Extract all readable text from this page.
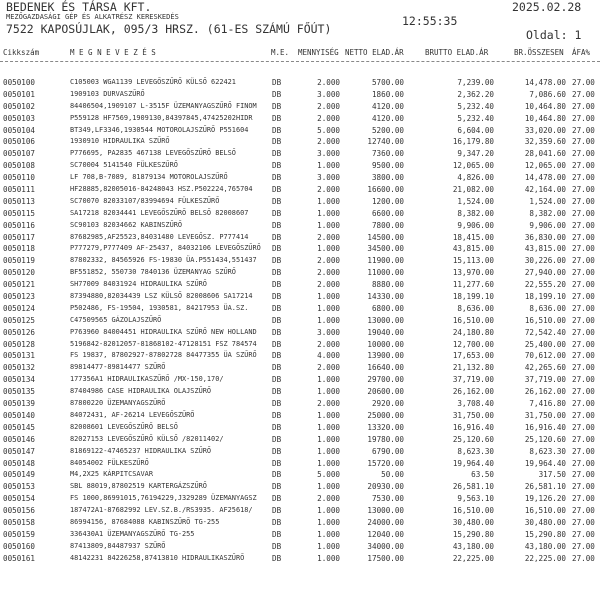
BEDENEK ÉS TÁRSA KFT.
MEZŐGAZDASÁGI GÉP ÉS ALKATRÉSZ KERESKEDÉS
7522 KAPOSÚJLAK, 095/3 HRSZ. (61-ES SZÁMÚ FŐÚT)
12:55:35
2025.02.28
Oldal: 1
Cikkszám	M E G N E V E Z É S	M.E. MENNYISÉG NETTO ELAD.ÁR	BRUTTO ELAD.ÁR	BR.ÖSSZESEN ÁFA%
0050100	C105003 WGA1139 LEVEGŐSZŰRŐ KÜLSŐ 622421	DB	2.000	5700.00	7,239.00	14,478.00 27.00
0050101	1909103 DURVASZŰRŐ	DB	3.000	1860.00	2,362.20	7,086.60 27.00
0050102	84406504,1909107 L-3515F ÜZEMANYAGSZŰRŐ FINOM	DB	2.000	4120.00	5,232.40	10,464.80 27.00
0050103	P559128 HF7569,1909130,84397845,47425202HIDR	DB	2.000	4120.00	5,232.40	10,464.80 27.00
0050104	BT349,LF3346,1930544 MOTOROLAJSZŰRŐ P551604	DB	5.000	5200.00	6,604.00	33,020.00 27.00
0050106	1930910 HIDRAULIKA SZŰRŐ	DB	2.000	12740.00	16,179.80	32,359.60 27.00
0050107	P776695, PA2835 467138 LEVEGŐSZŰRŐ BELSŐ	DB	3.000	7360.00	9,347.20	28,041.60 27.00
0050108	SC70004 5141540 FÜLKESZŰRŐ	DB	1.000	9500.00	12,065.00	12,065.00 27.00
0050110	LF 708,B-7089, 81879134 MOTOROLAJSZŰRŐ	DB	3.000	3800.00	4,826.00	14,478.00 27.00
0050111	HF28885,82005016-84248043 HSZ.P502224,765704	DB	2.000	16600.00	21,082.00	42,164.00 27.00
0050113	SC70070 82033107/83994694 FÜLKESZŰRŐ	DB	1.000	1200.00	1,524.00	1,524.00 27.00
0050115	SA17218 82034441 LEVEGŐSZŰRŐ BELSŐ 82008607	DB	1.000	6600.00	8,382.00	8,382.00 27.00
0050116	SC90103 82034662 KABINSZŰRŐ	DB	1.000	7800.00	9,906.00	9,906.00 27.00
0050117	87682985,AF25523,84031480 LEVEGŐSZ. P777414	DB	2.000	14500.00	18,415.00	36,830.00 27.00
0050118	P777279,P777409 AF-25437, 84032106 LEVEGŐSZŰRŐ	DB	1.000	34500.00	43,815.00	43,815.00 27.00
0050119	87802332, 84565926 FS-19830 ÜA.P551434,551437	DB	2.000	11900.00	15,113.00	30,226.00 27.00
0050120	BF551852, 550730 7840136 ÜZEMANYAG SZŰRŐ	DB	2.000	11000.00	13,970.00	27,940.00 27.00
0050121	SH77009 84031924 HIDRAULIKA SZŰRŐ	DB	2.000	8880.00	11,277.60	22,555.20 27.00
0050123	87394880,82034439 LSZ KÜLSŐ 82008606 SA17214	DB	1.000	14330.00	18,199.10	18,199.10 27.00
0050124	P502486, FS-19504, 1930581, 84217953 ÜA.SZ.	DB	1.000	6800.00	8,636.00	8,636.00 27.00
0050125	C47509565 GÁZOLAJSZŰRŐ	DB	1.000	13000.00	16,510.00	16,510.00 27.00
0050126	P763960 84004451 HIDRAULIKA SZŰRŐ NEW HOLLAND	DB	3.000	19040.00	24,180.80	72,542.40 27.00
0050128	5196842-82012057-81868102-47128151 FSZ 784574	DB	2.000	10000.00	12,700.00	25,400.00 27.00
0050131	FS 19837, 87802927-87802728 84477355 ÜA SZŰRŐ	DB	4.000	13900.00	17,653.00	70,612.00 27.00
0050132	89814477-89814477 SZŰRŐ	DB	2.000	16640.00	21,132.80	42,265.60 27.00
0050134	177356A1 HIDRAULIKASZŰRŐ /MX-150,170/	DB	1.000	29700.00	37,719.00	37,719.00 27.00
0050135	87404986 CASE HIDRAULIKA OLAJSZŰRŐ	DB	1.000	20600.00	26,162.00	26,162.00 27.00
0050139	87800220 ÜZEMANYAGSZŰRŐ	DB	2.000	2920.00	3,708.40	7,416.80 27.00
0050140	84072431, AF-26214 LEVEGŐSZŰRŐ	DB	1.000	25000.00	31,750.00	31,750.00 27.00
0050145	82008601 LEVEGŐSZŰRŐ BELSŐ	DB	1.000	13320.00	16,916.40	16,916.40 27.00
0050146	82027153 LEVEGŐSZŰRŐ KÜLSŐ /82011402/	DB	1.000	19780.00	25,120.60	25,120.60 27.00
0050147	81869122-47465237 HIDRAULIKA SZŰRŐ	DB	1.000	6790.00	8,623.30	8,623.30 27.00
0050148	84054002 FÜLKESZŰRŐ	DB	1.000	15720.00	19,964.40	19,964.40 27.00
0050149	M4,2X25 KÁRPITCSAVAR	DB	5.000	50.00	63.50	317.50 27.00
0050153	SBL 88019,87802519 KARTERGÁZSZŰRŐ	DB	1.000	20930.00	26,581.10	26,581.10 27.00
0050154	FS 1000,86991015,76194229,J329289 ÜZEMANYAGSZ	DB	2.000	7530.00	9,563.10	19,126.20 27.00
0050156	187472A1-87682992 LEV.SZ.B./RS3935. AF25618/	DB	1.000	13000.00	16,510.00	16,510.00 27.00
0050158	86994156, 87684088 KABINSZŰRŐ TG-255	DB	1.000	24000.00	30,480.00	30,480.00 27.00
0050159	336430A1 ÜZEMANYAGSZŰRŐ TG-255	DB	1.000	12040.00	15,290.80	15,290.80 27.00
0050160	87413809,84487937 SZŰRŐ	DB	1.000	34000.00	43,180.00	43,180.00 27.00
0050161	48142231 84226258,87413810 HIDRAULIKASZŰRŐ	DB	1.000	17500.00	22,225.00	22,225.00 27.00
